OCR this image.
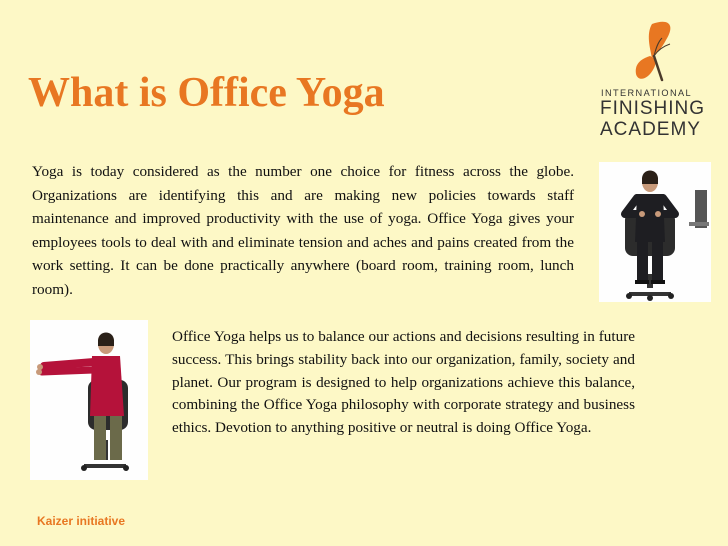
What is Office Yoga	INTERNATIONAL
FINISHING
ACADEMY

Yoga is today considered as the number one choice for fitness across the globe. Organizations are identifying this and are making new policies towards staff maintenance and improved productivity with the use of yoga. Office Yoga gives your employees tools to deal with and eliminate tension and aches and pains created from the work setting. It can be done practically anywhere (board room, training room, lunch room).

Office Yoga helps us to balance our actions and decisions resulting in future success. This brings stability back into our organization, family, society and planet. Our program is designed to help organizations achieve this balance, combining the Office Yoga philosophy with corporate strategy and business ethics. Devotion to anything positive or neutral is doing Office Yoga.

Kaizer initiative
